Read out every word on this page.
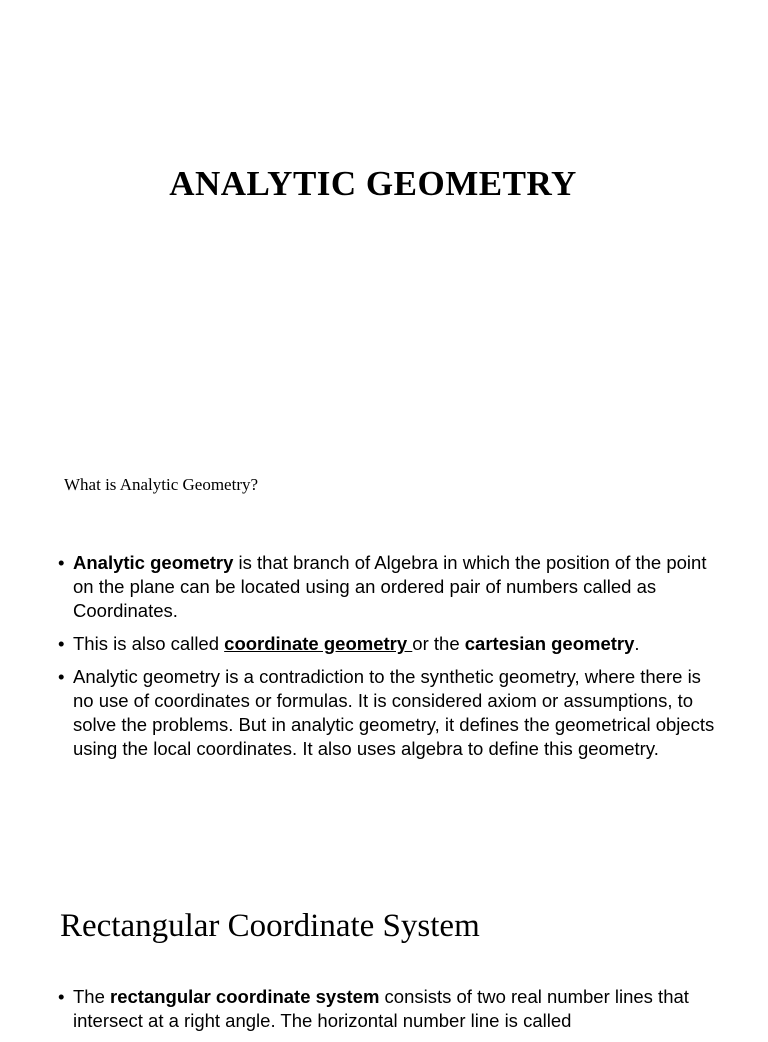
ANALYTIC GEOMETRY
What is Analytic Geometry?
• Analytic geometry is that branch of Algebra in which the position of the point on the plane can be located using an ordered pair of numbers called as Coordinates.
• This is also called coordinate geometry or the cartesian geometry.
• Analytic geometry is a contradiction to the synthetic geometry, where there is no use of coordinates or formulas. It is considered axiom or assumptions, to solve the problems. But in analytic geometry, it defines the geometrical objects using the local coordinates. It also uses algebra to define this geometry.
Rectangular Coordinate System
• The rectangular coordinate system consists of two real number lines that intersect at a right angle. The horizontal number line is called
